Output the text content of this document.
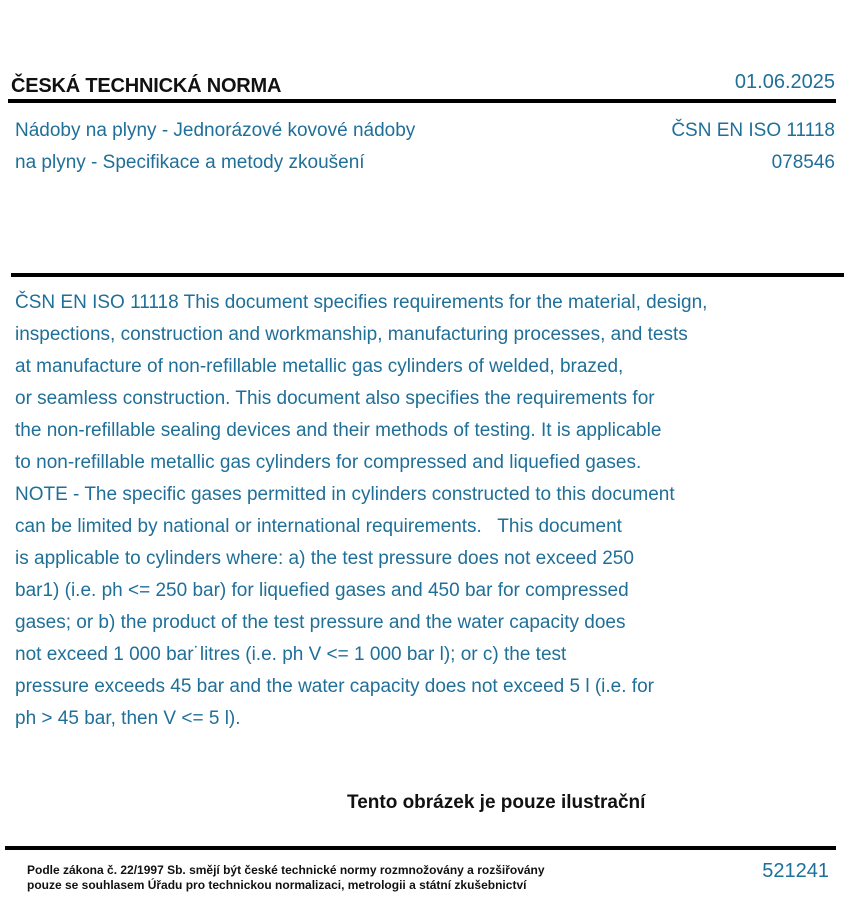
ČESKÁ TECHNICKÁ NORMA	01.06.2025
Nádoby na plyny - Jednorázové kovové nádoby
na plyny - Specifikace a metody zkoušení
ČSN EN ISO 11118
078546
ČSN EN ISO 11118 This document specifies requirements for the material, design,
inspections, construction and workmanship, manufacturing processes, and tests
at manufacture of non-refillable metallic gas cylinders of welded, brazed,
or seamless construction. This document also specifies the requirements for
the non-refillable sealing devices and their methods of testing. It is applicable
to non-refillable metallic gas cylinders for compressed and liquefied gases.
NOTE - The specific gases permitted in cylinders constructed to this document
can be limited by national or international requirements.   This document
is applicable to cylinders where: a) the test pressure does not exceed 250
bar1) (i.e. ph <= 250 bar) for liquefied gases and 450 bar for compressed
gases; or b) the product of the test pressure and the water capacity does
not exceed 1 000 bar˙litres (i.e. ph V <= 1 000 bar l); or c) the test
pressure exceeds 45 bar and the water capacity does not exceed 5 l (i.e. for
ph > 45 bar, then V <= 5 l).
Tento obrázek je pouze ilustrační
Podle zákona č. 22/1997 Sb. smějí být české technické normy rozmnožovány a rozšiřovány
pouze se souhlasem Úřadu pro technickou normalizaci, metrologii a státní zkušebnictví
521241
